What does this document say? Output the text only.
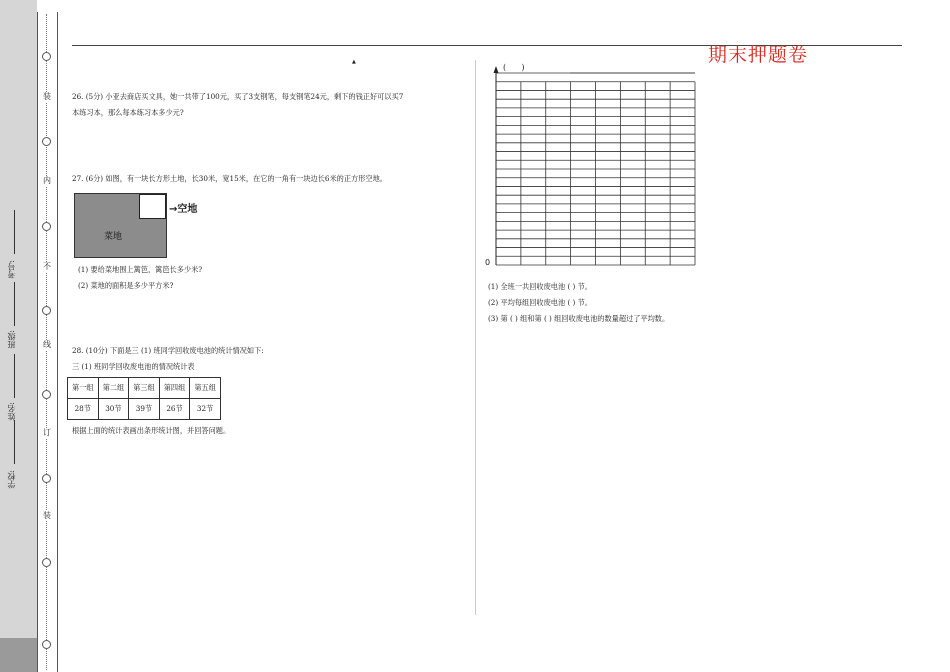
装
内
不
线
订
装
学校:
姓名:
班级:
考号:
期末押题卷
▲
26. (5分) 小亚去商店买文具，她一共带了100元，买了3支钢笔，每支钢笔24元，剩下的钱正好可以买7
本练习本，那么每本练习本多少元?
27. (6分) 如图，有一块长方形土地，长30米，宽15米，在它的一角有一块边长6米的正方形空地。
菜地
→空地
(1) 要给菜地围上篱笆，篱笆长多少米?
(2) 菜地的面积是多少平方米?
28. (10分) 下面是三 (1) 班同学回收废电池的统计情况如下:
三 (1) 班同学回收废电池的情况统计表
第一组	第二组	第三组	第四组	第五组
28节	30节	39节	26节	32节
根据上面的统计表画出条形统计图，并回答问题。
(      )
0
(1) 全班一共回收废电池 ( ) 节。
(2) 平均每组回收废电池 ( ) 节。
(3) 第 ( ) 组和第 ( ) 组回收废电池的数量超过了平均数。
